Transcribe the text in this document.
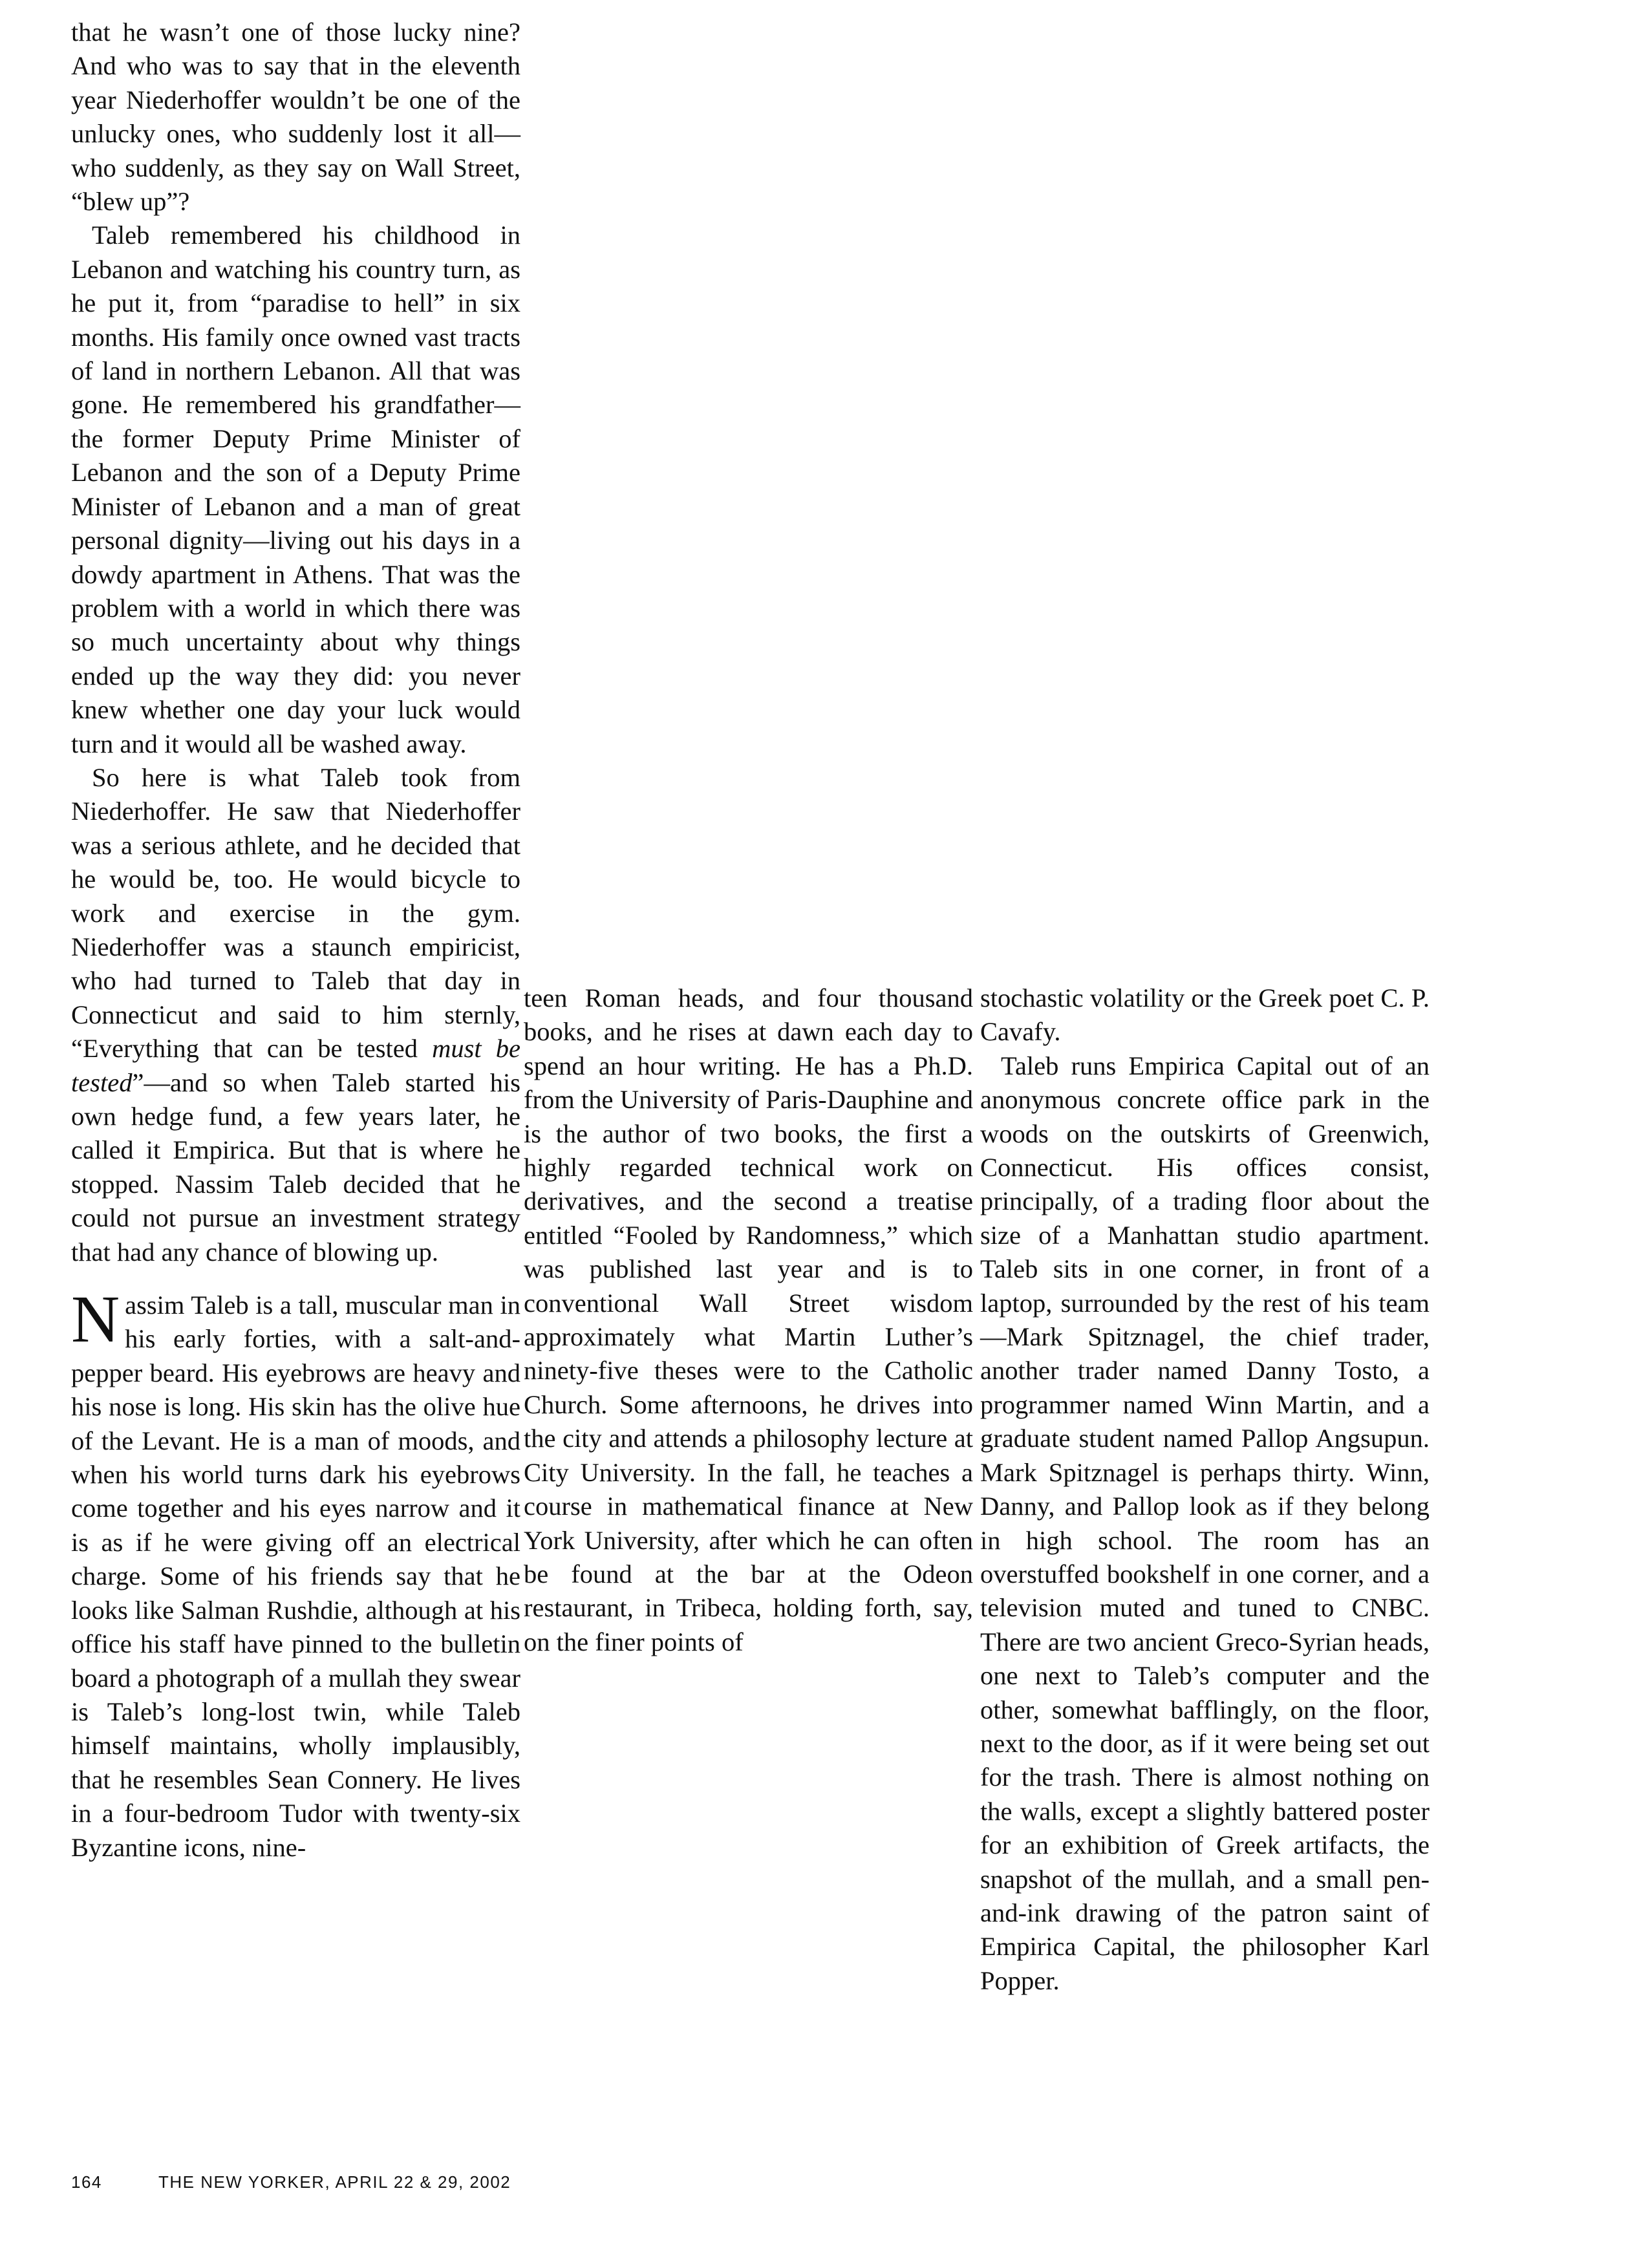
that he wasn’t one of those lucky nine? And who was to say that in the eleventh year Niederhoffer wouldn’t be one of the unlucky ones, who suddenly lost it all—who suddenly, as they say on Wall Street, “blew up”?

Taleb remembered his childhood in Lebanon and watching his country turn, as he put it, from “paradise to hell” in six months. His family once owned vast tracts of land in northern Lebanon. All that was gone. He remembered his grandfather—the former Deputy Prime Minister of Lebanon and the son of a Deputy Prime Minister of Lebanon and a man of great personal dignity—living out his days in a dowdy apartment in Athens. That was the problem with a world in which there was so much uncertainty about why things ended up the way they did: you never knew whether one day your luck would turn and it would all be washed away.

So here is what Taleb took from Niederhoffer. He saw that Niederhoffer was a serious athlete, and he decided that he would be, too. He would bicycle to work and exercise in the gym. Niederhoffer was a staunch empiricist, who had turned to Taleb that day in Connecticut and said to him sternly, “Everything that can be tested must be tested”—and so when Taleb started his own hedge fund, a few years later, he called it Empirica. But that is where he stopped. Nassim Taleb decided that he could not pursue an investment strategy that had any chance of blowing up.

Nassim Taleb is a tall, muscular man in his early forties, with a salt-and-pepper beard. His eyebrows are heavy and his nose is long. His skin has the olive hue of the Levant. He is a man of moods, and when his world turns dark his eyebrows come together and his eyes narrow and it is as if he were giving off an electrical charge. Some of his friends say that he looks like Salman Rushdie, although at his office his staff have pinned to the bulletin board a photograph of a mullah they swear is Taleb’s long-lost twin, while Taleb himself maintains, wholly implausibly, that he resembles Sean Connery. He lives in a four-bedroom Tudor with twenty-six Byzantine icons, nine-

teen Roman heads, and four thousand books, and he rises at dawn each day to spend an hour writing. He has a Ph.D. from the University of Paris-Dauphine and is the author of two books, the first a highly regarded technical work on derivatives, and the second a treatise entitled “Fooled by Randomness,” which was published last year and is to conventional Wall Street wisdom approximately what Martin Luther’s ninety-five theses were to the Catholic Church. Some afternoons, he drives into the city and attends a philosophy lecture at City University. In the fall, he teaches a course in mathematical finance at New York University, after which he can often be found at the bar at the Odeon restaurant, in Tribeca, holding forth, say, on the finer points of

stochastic volatility or the Greek poet C. P. Cavafy.

Taleb runs Empirica Capital out of an anonymous concrete office park in the woods on the outskirts of Greenwich, Connecticut. His offices consist, principally, of a trading floor about the size of a Manhattan studio apartment. Taleb sits in one corner, in front of a laptop, surrounded by the rest of his team—Mark Spitznagel, the chief trader, another trader named Danny Tosto, a programmer named Winn Martin, and a graduate student named Pallop Angsupun. Mark Spitznagel is perhaps thirty. Winn, Danny, and Pallop look as if they belong in high school. The room has an overstuffed bookshelf in one corner, and a television muted and tuned to CNBC. There are two ancient Greco-Syrian heads, one next to Taleb’s computer and the other, somewhat bafflingly, on the floor, next to the door, as if it were being set out for the trash. There is almost nothing on the walls, except a slightly battered poster for an exhibition of Greek artifacts, the snapshot of the mullah, and a small pen-and-ink drawing of the patron saint of Empirica Capital, the philosopher Karl Popper.

164	THE NEW YORKER, APRIL 22 & 29, 2002
